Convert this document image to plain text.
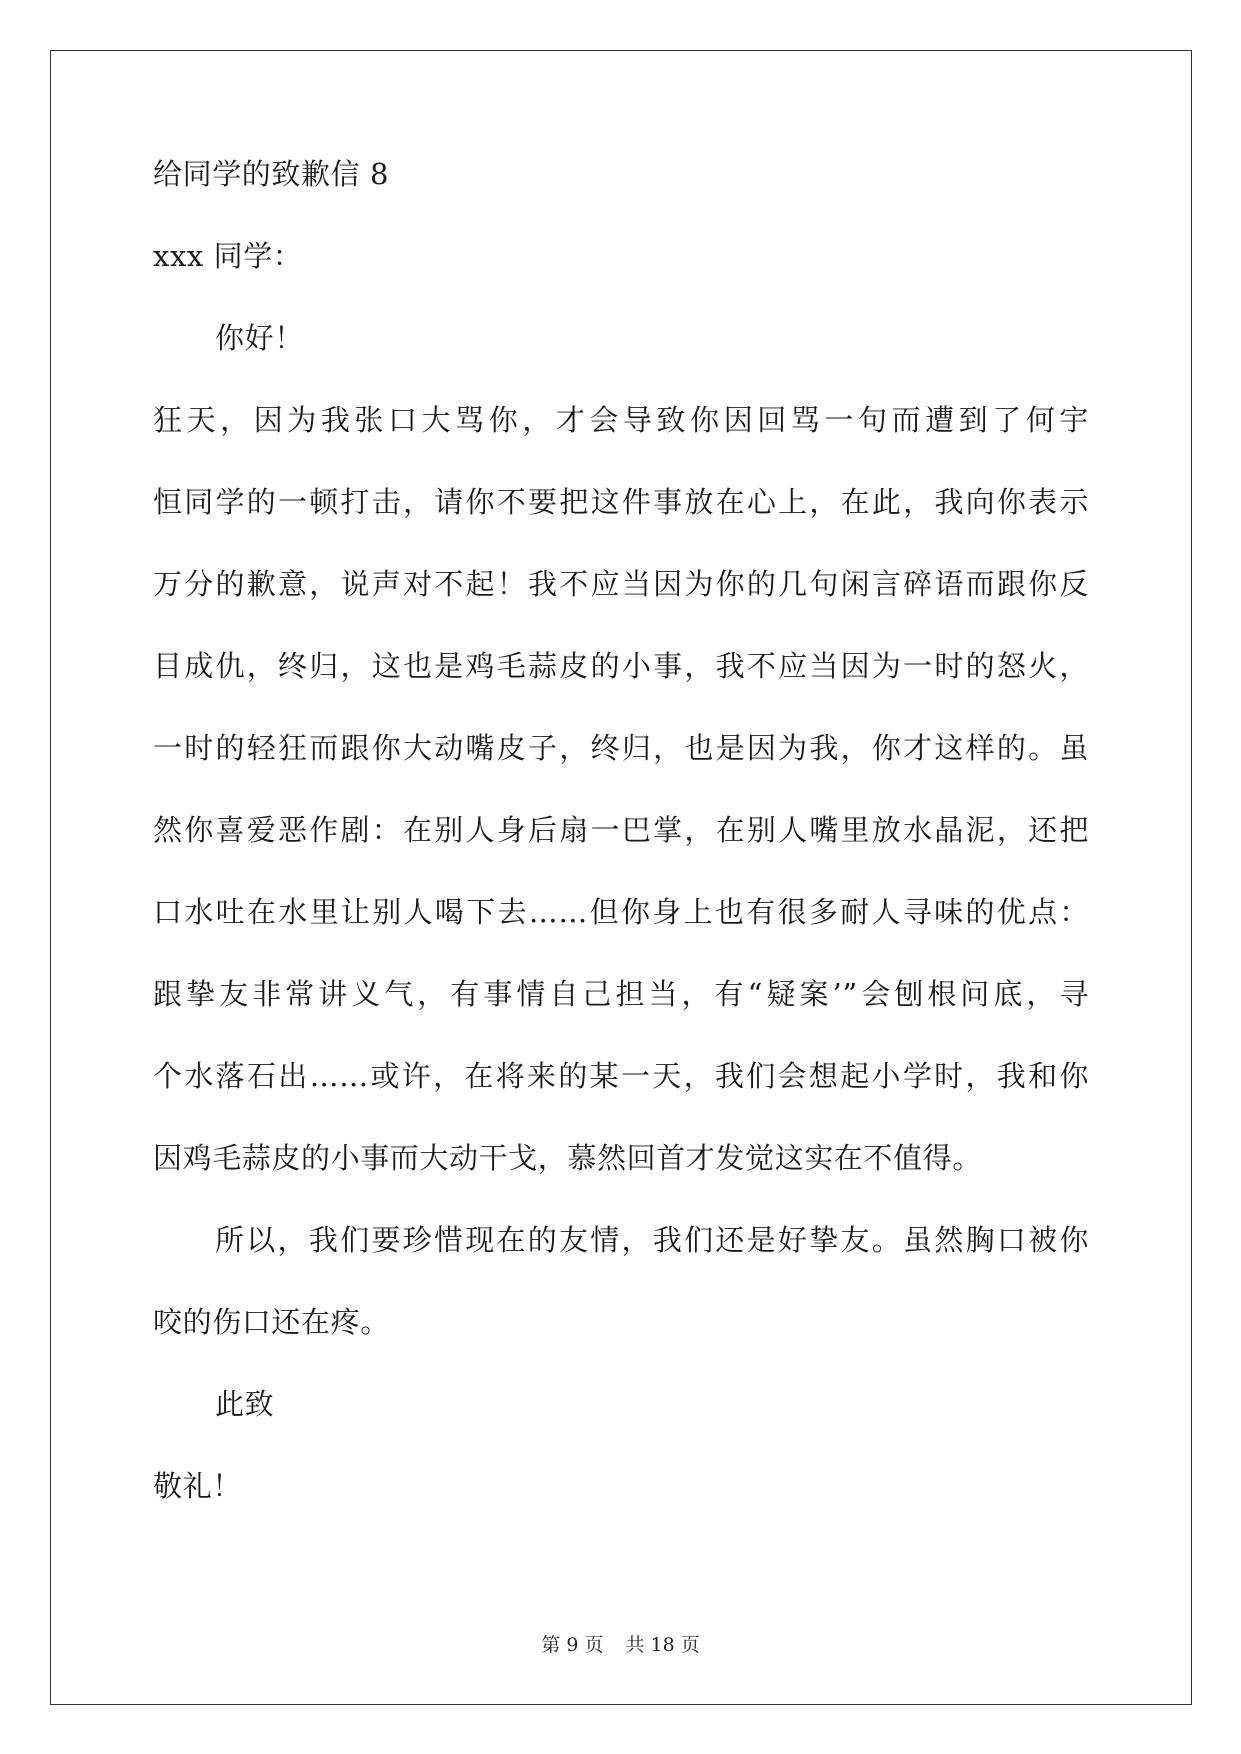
给同学的致歉信 8
xxx 同学：
你好！
狂天，因为我张口大骂你，才会导致你因回骂一句而遭到了何宇
恒同学的一顿打击，请你不要把这件事放在心上，在此，我向你表示
万分的歉意，说声对不起！我不应当因为你的几句闲言碎语而跟你反
目成仇，终归，这也是鸡毛蒜皮的小事，我不应当因为一时的怒火，
一时的轻狂而跟你大动嘴皮子，终归，也是因为我，你才这样的。虽
然你喜爱恶作剧：在别人身后扇一巴掌，在别人嘴里放水晶泥，还把
口水吐在水里让别人喝下去……但你身上也有很多耐人寻味的优点：
跟挚友非常讲义气，有事情自己担当，有“疑案’”会刨根问底，寻
个水落石出……或许，在将来的某一天，我们会想起小学时，我和你
因鸡毛蒜皮的小事而大动干戈，慕然回首才发觉这实在不值得。
所以，我们要珍惜现在的友情，我们还是好挚友。虽然胸口被你
咬的伤口还在疼。
此致
敬礼！
第 9 页 共 18 页
